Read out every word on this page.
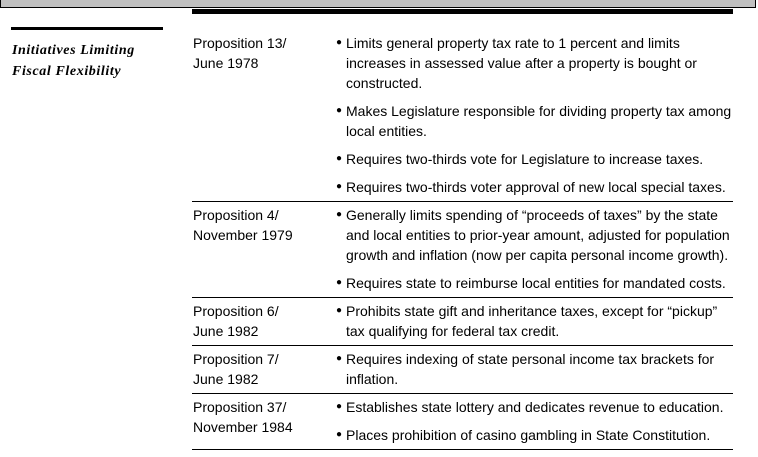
Initiatives Limiting
Fiscal Flexibility
Proposition 13/
June 1978
● Limits general property tax rate to 1 percent and limits increases in assessed value after a property is bought or constructed.
● Makes Legislature responsible for dividing property tax among local entities.
● Requires two-thirds vote for Legislature to increase taxes.
● Requires two-thirds voter approval of new local special taxes.
Proposition 4/
November 1979
● Generally limits spending of “proceeds of taxes” by the state and local entities to prior-year amount, adjusted for population growth and inflation (now per capita personal income growth).
● Requires state to reimburse local entities for mandated costs.
Proposition 6/
June 1982
● Prohibits state gift and inheritance taxes, except for “pickup” tax qualifying for federal tax credit.
Proposition 7/
June 1982
● Requires indexing of state personal income tax brackets for inflation.
Proposition 37/
November 1984
● Establishes state lottery and dedicates revenue to education.
● Places prohibition of casino gambling in State Constitution.
